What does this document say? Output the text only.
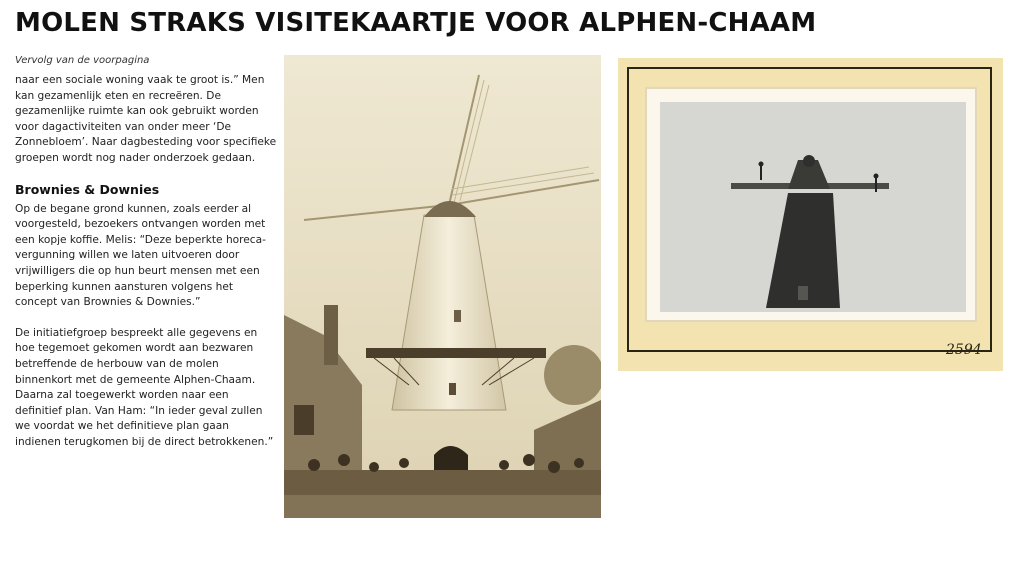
MOLEN STRAKS VISITEKAARTJE VOOR ALPHEN-CHAAM

Vervolg van de voorpagina

naar een sociale woning vaak te groot is.” Men kan gezamenlijk eten en recreëren. De gezamenlijke ruimte kan ook gebruikt worden voor dagactiviteiten van onder meer ‘De Zonnebloem’. Naar dagbesteding voor specifieke groepen wordt nog nader onderzoek gedaan.

Brownies & Downies

Op de begane grond kunnen, zoals eerder al voorgesteld, bezoekers ontvangen worden met een kopje koffie. Melis: “Deze beperkte horeca-vergunning willen we laten uitvoeren door vrijwilligers die op hun beurt mensen met een beperking kunnen aansturen volgens het concept van Brownies & Downies.”

De initiatiefgroep bespreekt alle gegevens en hoe tegemoet gekomen wordt aan bezwaren betreffende de herbouw van de molen binnenkort met de gemeente Alphen-Chaam. Daarna zal toegewerkt worden naar een definitief plan. Van Ham: “In ieder geval zullen we voordat we het definitieve plan gaan indienen terugkomen bij de direct betrokkenen.”

2594
